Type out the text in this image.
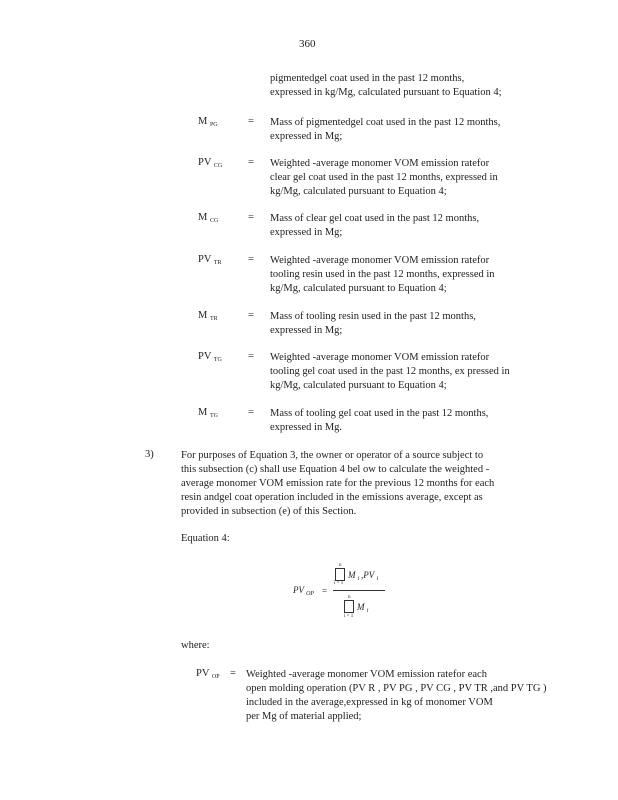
360
pigmentedgel coat used in the past 12 months,
expressed in kg/Mg, calculated pursuant to Equation 4;
M $_{PG}$	= Mass of pigmentedgel coat used in the past 12 months,
expressed in Mg;
PV $_{CG}$ = Weighted -average monomer VOM emission ratefor
clear gel coat used in the past 12 months, expressed in
kg/Mg, calculated pursuant to Equation 4;
M $_{CG}$	= Mass of clear gel coat used in the past 12 months,
expressed in Mg;
PV $_{TR}$	= Weighted -average monomer VOM emission ratefor
tooling resin used in the past 12 months, expressed in
kg/Mg, calculated pursuant to Equation 4;
M $_{TR}$	= Mass of tooling resin used in the past 12 months,
expressed in Mg;
PV $_{TG}$ = Weighted -average monomer VOM emission ratefor
tooling gel coat used in the past 12 months, ex pressed in
kg/Mg, calculated pursuant to Equation 4;
M $_{TG}$	= Mass of tooling gel coat used in the past 12 months,
expressed in Mg.
3)	For purposes of Equation 3, the owner or operator of a source subject to
this subsection (c) shall use Equation 4 bel ow to calculate the weighted -
average monomer VOM emission rate for the previous 12 months for each
resin andgel coat operation included in the emissions average, except as
provided in subsection (e) of this Section.
Equation 4:
PV $_{OP}$ =
n
i = 1
M $_i$ ,PV $_i$
n
i = 1
M $_i$
where:
PV $_{OP}$ = Weighted -average monomer VOM emission ratefor each
open molding operation (PV R , PV PG , PV CG , PV TR ,and PV TG )
included in the average,expressed in kg of monomer VOM
per Mg of material applied;
